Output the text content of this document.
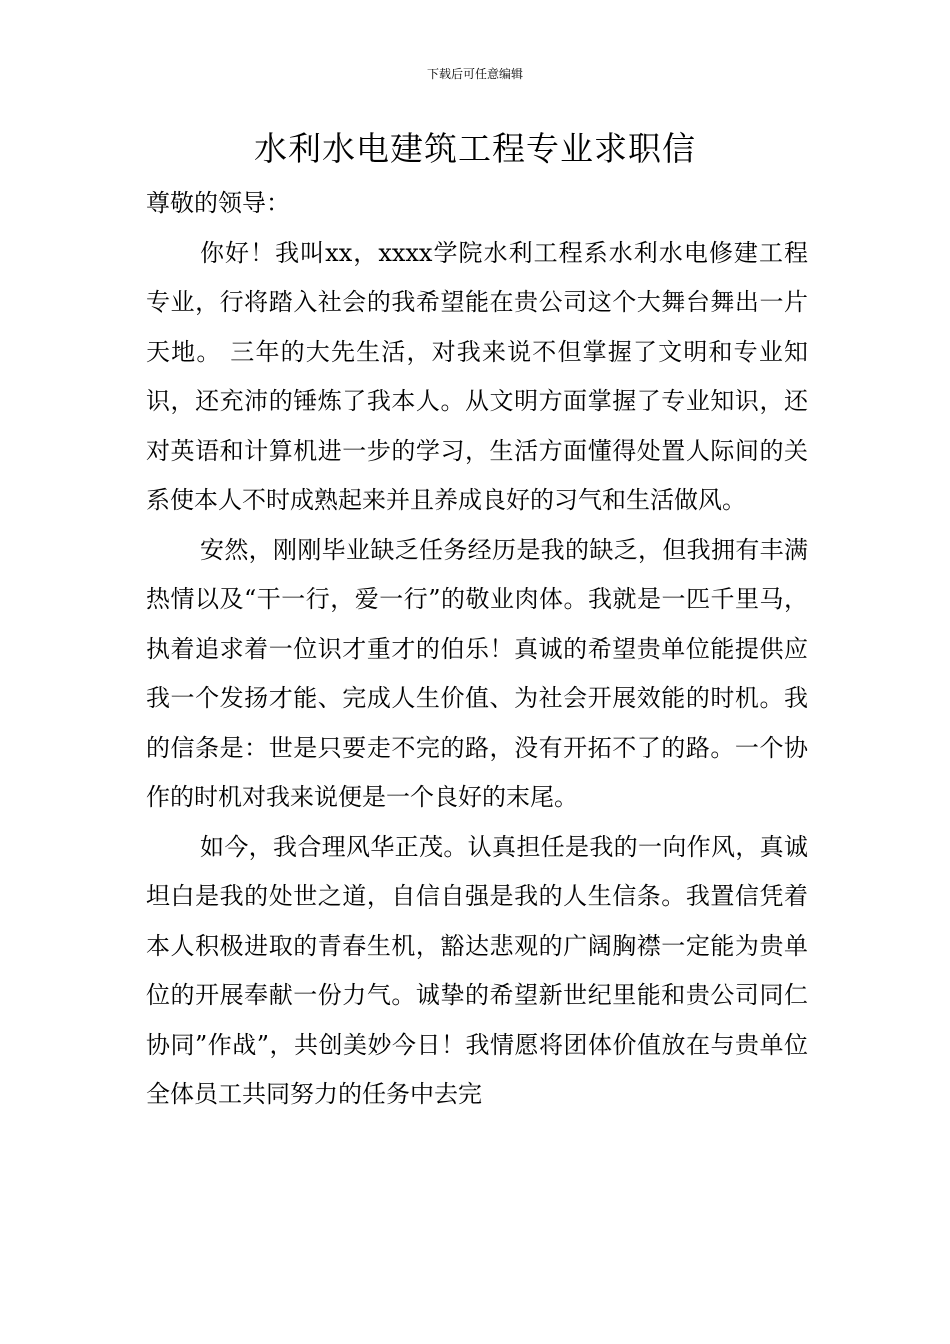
下载后可任意编辑
水利水电建筑工程专业求职信

尊敬的领导：

你好！我叫xx，xxxx学院水利工程系水利水电修建工程专业，行将踏入社会的我希望能在贵公司这个大舞台舞出一片天地。 三年的大先生活，对我来说不但掌握了文明和专业知识，还充沛的锤炼了我本人。从文明方面掌握了专业知识，还对英语和计算机进一步的学习，生活方面懂得处置人际间的关系使本人不时成熟起来并且养成良好的习气和生活做风。

安然，刚刚毕业缺乏任务经历是我的缺乏，但我拥有丰满热情以及“干一行，爱一行”的敬业肉体。我就是一匹千里马，执着追求着一位识才重才的伯乐！真诚的希望贵单位能提供应我一个发扬才能、完成人生价值、为社会开展效能的时机。我的信条是：世是只要走不完的路，没有开拓不了的路。一个协作的时机对我来说便是一个良好的末尾。

如今，我合理风华正茂。认真担任是我的一向作风，真诚坦白是我的处世之道，自信自强是我的人生信条。我置信凭着本人积极进取的青春生机，豁达悲观的广阔胸襟一定能为贵单位的开展奉献一份力气。诚挚的希望新世纪里能和贵公司同仁协同”作战”，共创美妙今日！我情愿将团体价值放在与贵单位全体员工共同努力的任务中去完
